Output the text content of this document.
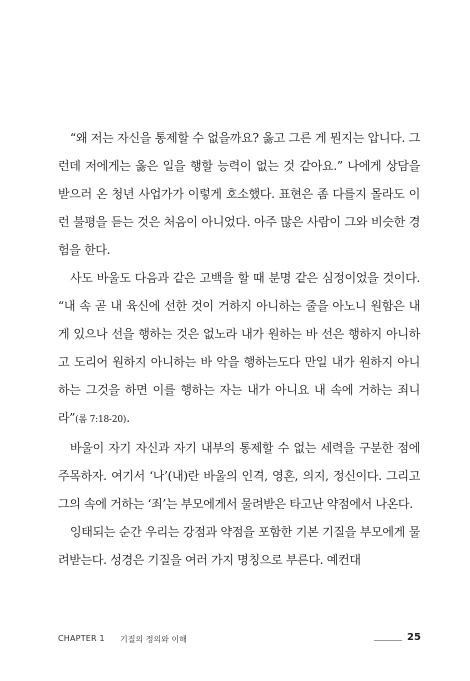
“왜 저는 자신을 통제할 수 없을까요? 옳고 그른 게 뭔지는 압니다. 그런데 저에게는 옳은 일을 행할 능력이 없는 것 같아요.” 나에게 상담을 받으러 온 청년 사업가가 이렇게 호소했다. 표현은 좀 다를지 몰라도 이런 불평을 듣는 것은 처음이 아니었다. 아주 많은 사람이 그와 비슷한 경험을 한다.

사도 바울도 다음과 같은 고백을 할 때 분명 같은 심정이었을 것이다. “내 속 곧 내 육신에 선한 것이 거하지 아니하는 줄을 아노니 원함은 내게 있으나 선을 행하는 것은 없노라 내가 원하는 바 선은 행하지 아니하고 도리어 원하지 아니하는 바 악을 행하는도다 만일 내가 원하지 아니하는 그것을 하면 이를 행하는 자는 내가 아니요 내 속에 거하는 죄니라”(롬 7:18-20).

바울이 자기 자신과 자기 내부의 통제할 수 없는 세력을 구분한 점에 주목하자. 여기서 ‘나’(내)란 바울의 인격, 영혼, 의지, 정신이다. 그리고 그의 속에 거하는 ‘죄’는 부모에게서 물려받은 타고난 약점에서 나온다.

잉태되는 순간 우리는 강점과 약점을 포함한 기본 기질을 부모에게 물려받는다. 성경은 기질을 여러 가지 명칭으로 부른다. 예컨대

CHAPTER 1 기질의 정의와 이해	25
